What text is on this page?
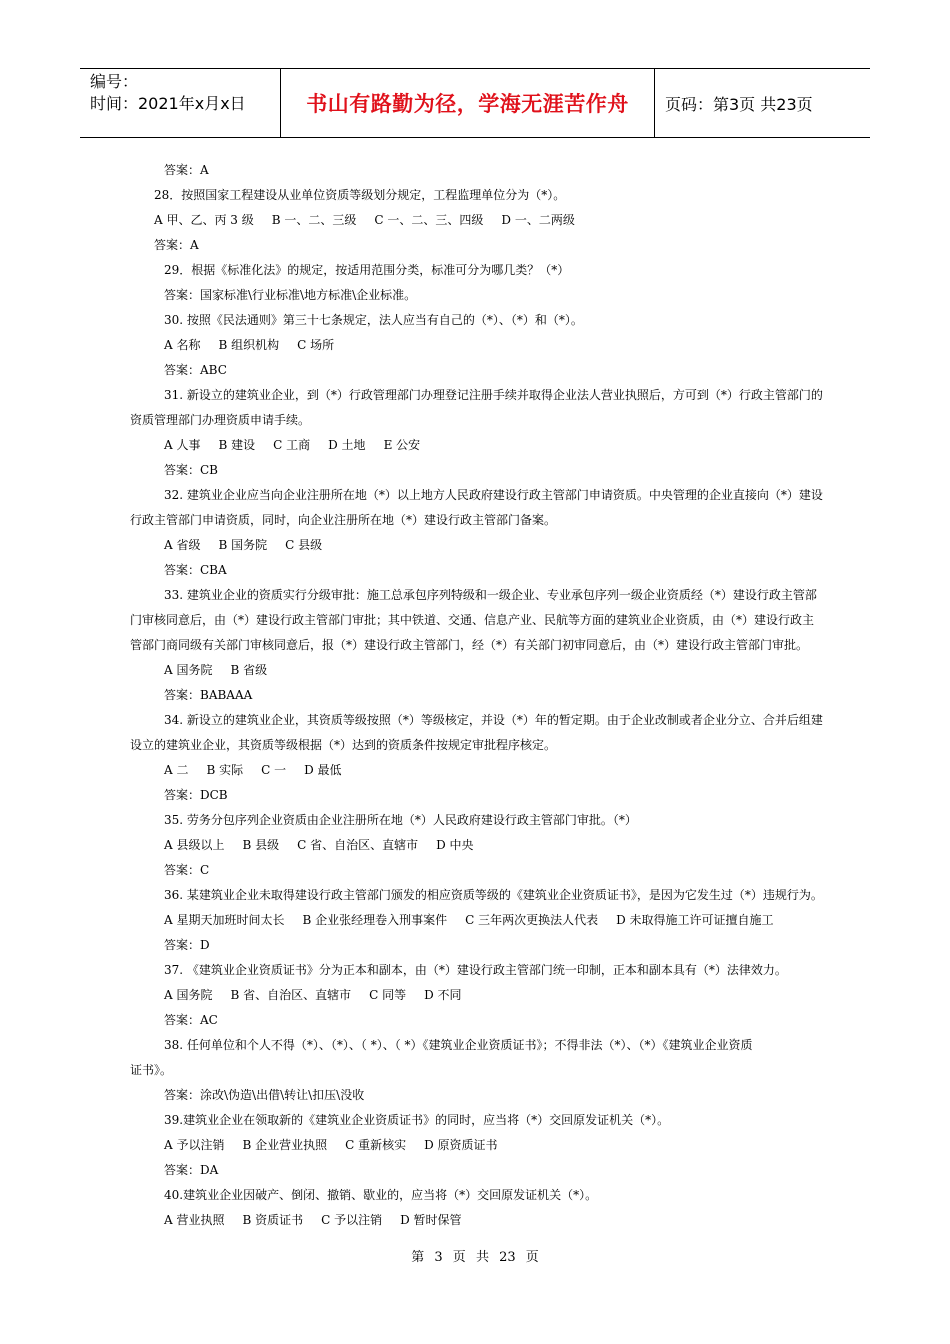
编号：
时间：2021年x月x日	书山有路勤为径，学海无涯苦作舟 页码：第3页 共23页
答案：A
28．按照国家工程建设从业单位资质等级划分规定，工程监理单位分为（*）。
A 甲、乙、丙 3 级 B 一、二、三级 C 一、二、三、四级 D 一、二两级
答案：A
29．根据《标准化法》的规定，按适用范围分类，标准可分为哪几类？（*）
答案：国家标准\行业标准\地方标准\企业标准。
30. 按照《民法通则》第三十七条规定，法人应当有自己的（*）、（*）和（*）。
A 名称 B 组织机构 C 场所
答案：ABC
31. 新设立的建筑业企业，到（*）行政管理部门办理登记注册手续并取得企业法人营业执照后，方可到（*）行政主管部门的
资质管理部门办理资质申请手续。
A 人事 B 建设 C 工商 D 土地 E 公安
答案：CB
32. 建筑业企业应当向企业注册所在地（*）以上地方人民政府建设行政主管部门申请资质。中央管理的企业直接向（*）建设
行政主管部门申请资质，同时，向企业注册所在地（*）建设行政主管部门备案。
A 省级 B 国务院 C 县级
答案：CBA
33. 建筑业企业的资质实行分级审批：施工总承包序列特级和一级企业、专业承包序列一级企业资质经（*）建设行政主管部
门审核同意后，由（*）建设行政主管部门审批；其中铁道、交通、信息产业、民航等方面的建筑业企业资质，由（*）建设行政主
管部门商同级有关部门审核同意后，报（*）建设行政主管部门，经（*）有关部门初审同意后，由（*）建设行政主管部门审批。
A 国务院 B 省级
答案：BABAAA
34. 新设立的建筑业企业，其资质等级按照（*）等级核定，并设（*）年的暂定期。由于企业改制或者企业分立、合并后组建
设立的建筑业企业，其资质等级根据（*）达到的资质条件按规定审批程序核定。
A 二 B 实际 C 一 D 最低
答案：DCB
35. 劳务分包序列企业资质由企业注册所在地（*）人民政府建设行政主管部门审批。（*）
A 县级以上 B 县级 C 省、自治区、直辖市 D 中央
答案：C
36. 某建筑业企业未取得建设行政主管部门颁发的相应资质等级的《建筑业企业资质证书》，是因为它发生过（*）违规行为。
A 星期天加班时间太长 B 企业张经理卷入刑事案件 C 三年两次更换法人代表 D 未取得施工许可证擅自施工
答案：D
37. 《建筑业企业资质证书》分为正本和副本，由（*）建设行政主管部门统一印制，正本和副本具有（*）法律效力。
A 国务院 B 省、自治区、直辖市 C 同等 D 不同
答案：AC
38. 任何单位和个人不得（*）、（*）、（ *）、（ *）《建筑业企业资质证书》；不得非法（*）、（*）《建筑业企业资质
证书》。
答案：涂改\伪造\出借\转让\扣压\没收
39.建筑业企业在领取新的《建筑业企业资质证书》的同时，应当将（*）交回原发证机关（*）。
A 予以注销 B 企业营业执照 C 重新核实 D 原资质证书
答案：DA
40.建筑业企业因破产、倒闭、撤销、歇业的，应当将（*）交回原发证机关（*）。
A 营业执照 B 资质证书 C 予以注销 D 暂时保管
第 3 页 共 23 页
